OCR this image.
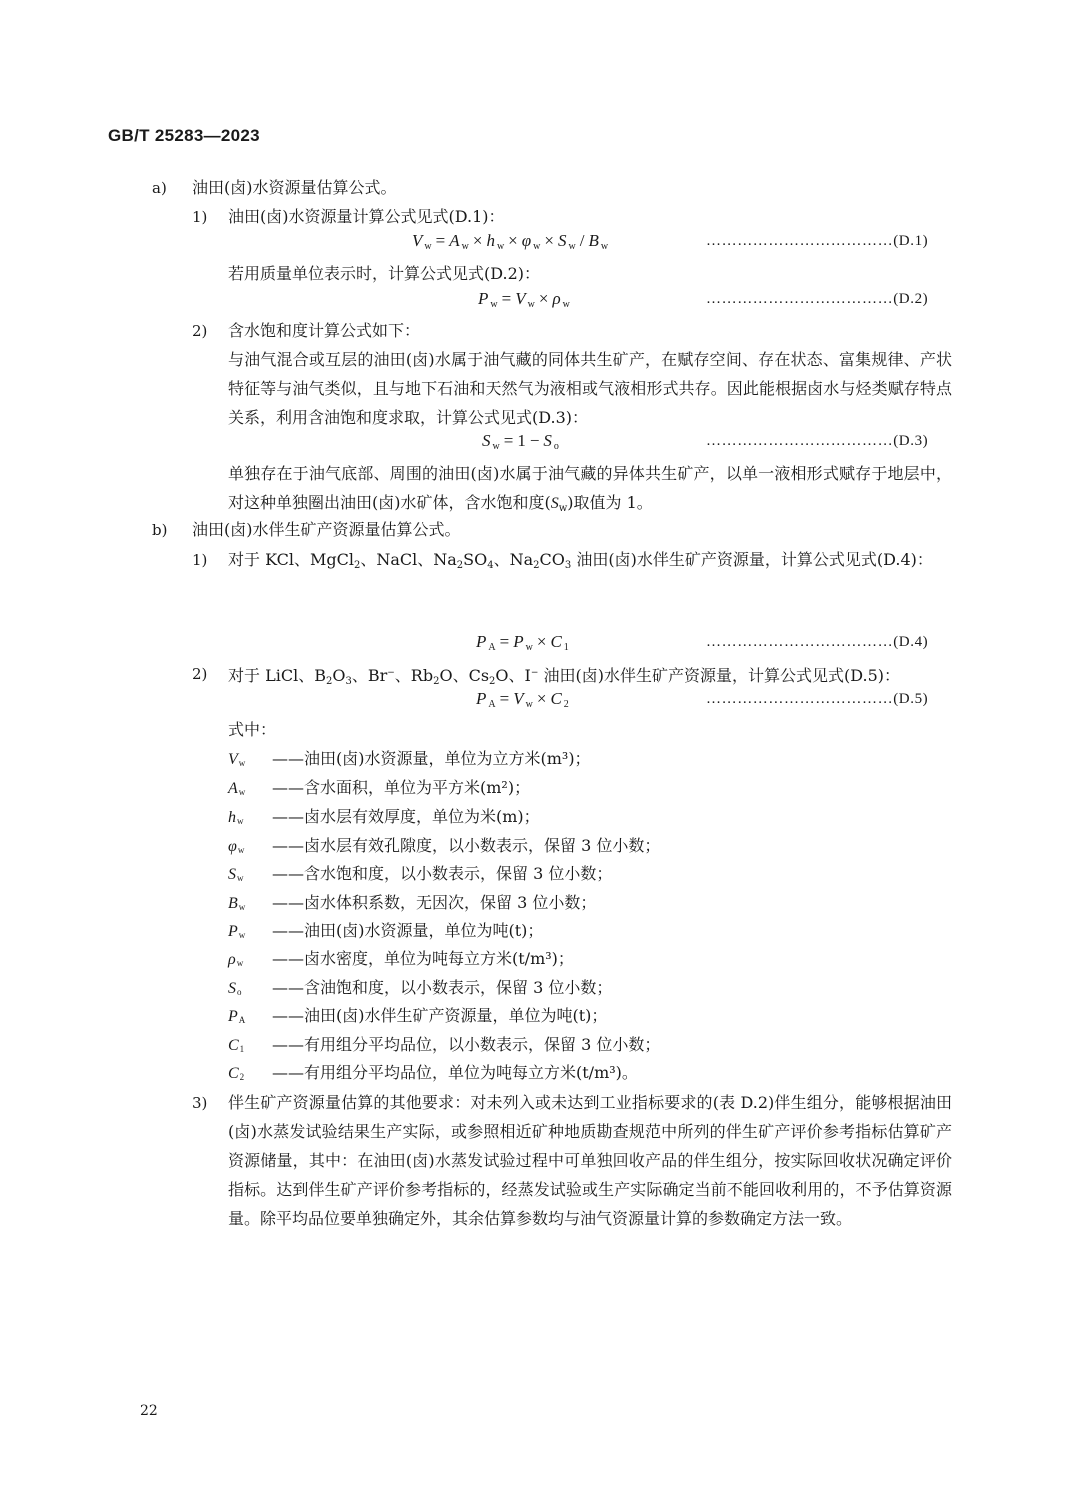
GB/T 25283—2023
a) 油田(卤)水资源量估算公式。
1) 油田(卤)水资源量计算公式见式(D.1)：
V $_w$ = A $_w$ × h $_w$ × φ $_w$ × S $_w$ / B $_w$	………………………………(D.1)
若用质量单位表示时，计算公式见式(D.2)：
P $_w$ = V $_w$ × ρ $_w$	………………………………(D.2)
2) 含水饱和度计算公式如下：
与油气混合或互层的油田(卤)水属于油气藏的同体共生矿产，在赋存空间、存在状态、富集规律、产状特征等与油气类似，且与地下石油和天然气为液相或气液相形式共存。因此能根据卤水与烃类赋存特点关系，利用含油饱和度求取，计算公式见式(D.3)：
S $_w$ = 1 − S $_o$	………………………………(D.3)
单独存在于油气底部、周围的油田(卤)水属于油气藏的异体共生矿产，以单一液相形式赋存于地层中，对这种单独圈出油田(卤)水矿体，含水饱和度$(S_w)$取值为 1。
b) 油田(卤)水伴生矿产资源量估算公式。
1) 对于 KCl、MgCl$_2$、NaCl、$Na_2SO_4$、$Na_2CO_3$ 油田(卤)水伴生矿产资源量，计算公式见式(D.4)：
P $_A$ = P $_w$ × C $_1$	………………………………(D.4)
2) 对于 LiCl、$B_2O_3$、Br−、$Rb_2O$、$Cs_2O$、I− 油田(卤)水伴生矿产资源量，计算公式见式(D.5)：
P $_A$ = V $_w$ × C $_2$	………………………………(D.5)
式中：
$V_w$ ——油田(卤)水资源量，单位为立方米(m³)；
$A_w$ ——含水面积，单位为平方米(m²)；
$h_w$ ——卤水层有效厚度，单位为米(m)；
$\varphi_w$ ——卤水层有效孔隙度，以小数表示，保留 3 位小数；
$S_w$ ——含水饱和度，以小数表示，保留 3 位小数；
$B_w$ ——卤水体积系数，无因次，保留 3 位小数；
$P_w$ ——油田(卤)水资源量，单位为吨(t)；
$\rho_w$ ——卤水密度，单位为吨每立方米(t/m³)；
$S_o$ ——含油饱和度，以小数表示，保留 3 位小数；
$P_A$ ——油田(卤)水伴生矿产资源量，单位为吨(t)；
$C_1$ ——有用组分平均品位，以小数表示，保留 3 位小数；
$C_2$ ——有用组分平均品位，单位为吨每立方米(t/m³)。
3) 伴生矿产资源量估算的其他要求：对未列入或未达到工业指标要求的(表 D.2)伴生组分，能够根据油田(卤)水蒸发试验结果生产实际，或参照相近矿种地质勘查规范中所列的伴生矿产评价参考指标估算矿产资源储量，其中：在油田(卤)水蒸发试验过程中可单独回收产品的伴生组分，按实际回收状况确定评价指标。达到伴生矿产评价参考指标的，经蒸发试验或生产实际确定当前不能回收利用的，不予估算资源量。除平均品位要单独确定外，其余估算参数均与油气资源量计算的参数确定方法一致。
22
